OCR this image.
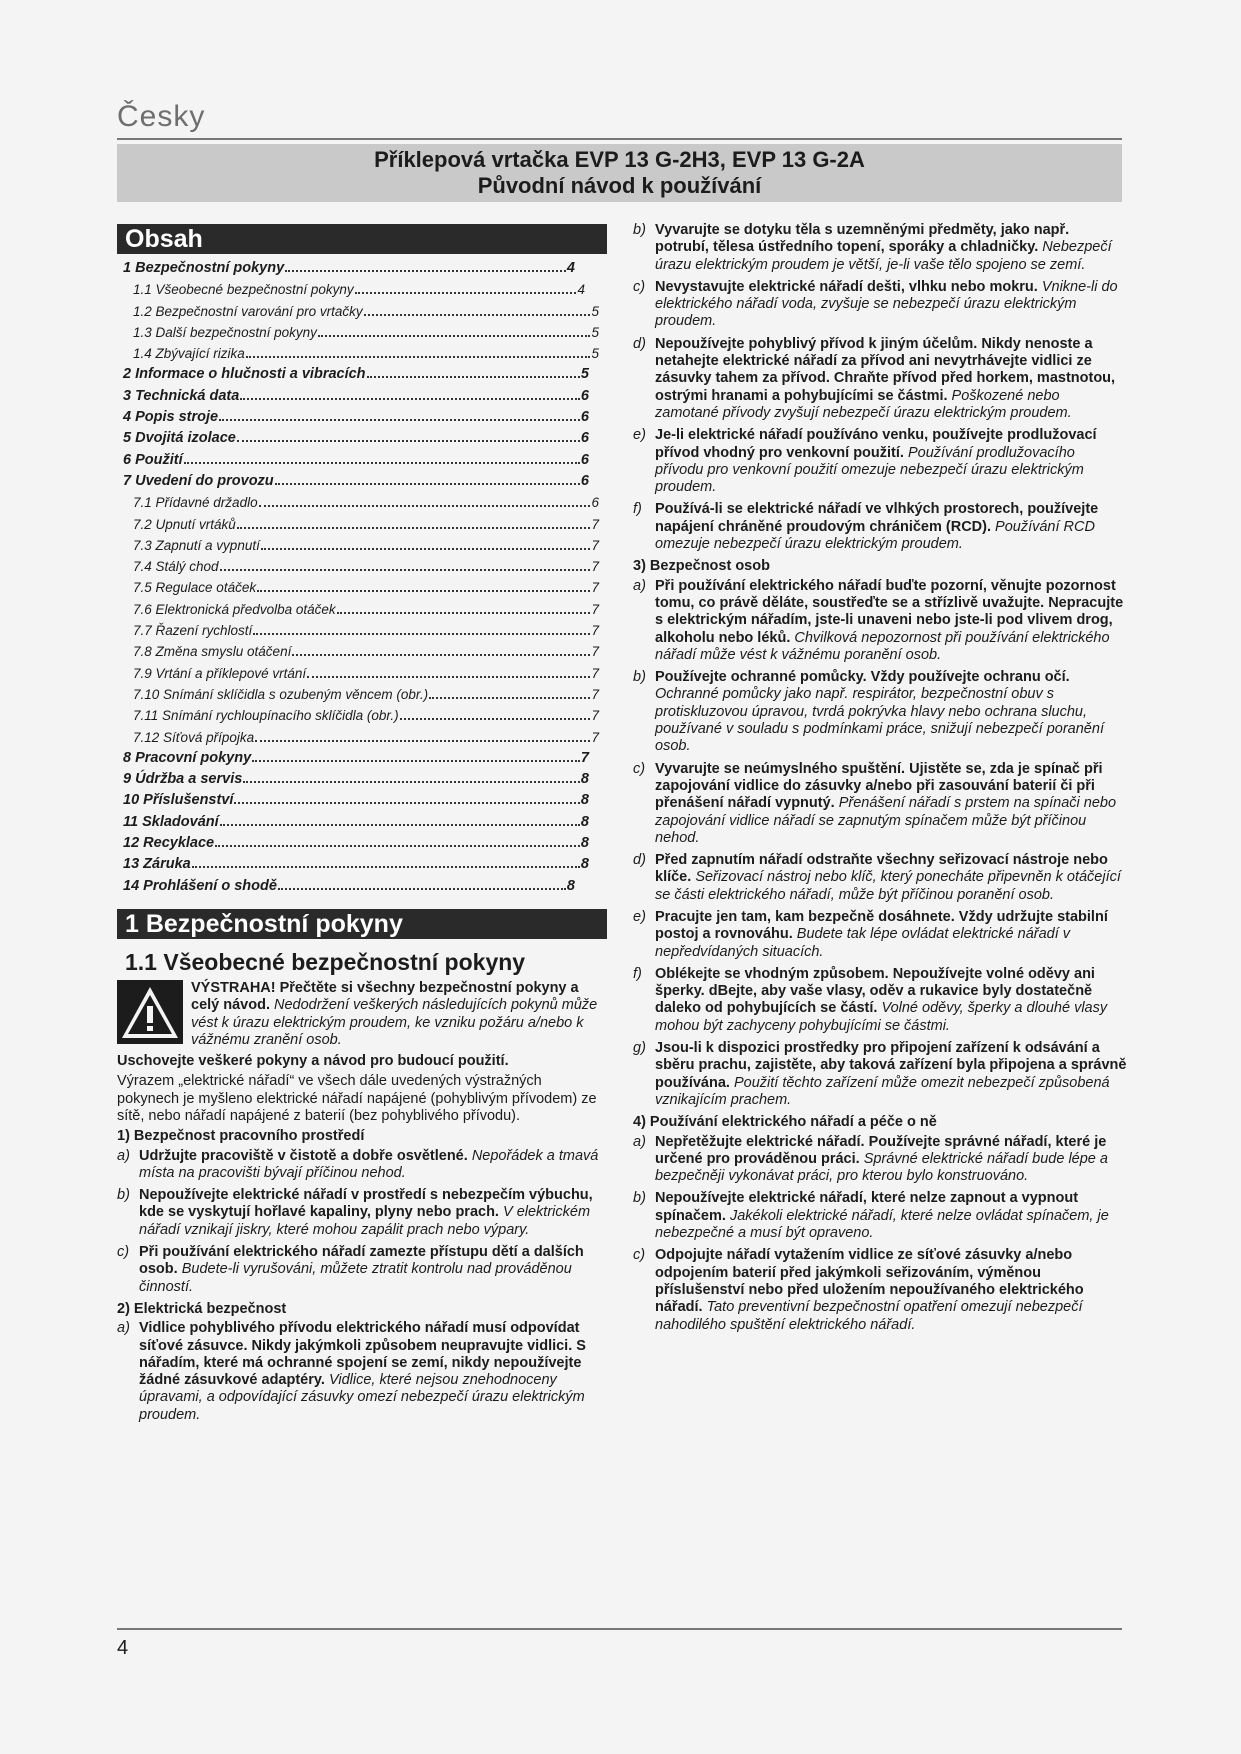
Česky
Příklepová vrtačka EVP 13 G-2H3, EVP 13 G-2A
Původní návod k používání
Obsah
1 Bezpečnostní pokyny	4
1.1 Všeobecné bezpečnostní pokyny	4
1.2 Bezpečnostní varování pro vrtačky	5
1.3 Další bezpečnostní pokyny	5
1.4 Zbývající rizika	5
2 Informace o hlučnosti a vibracích	5
3 Technická data	6
4 Popis stroje	6
5 Dvojitá izolace	6
6 Použití	6
7 Uvedení do provozu	6
7.1 Přídavné držadlo	6
7.2 Upnutí vrtáků	7
7.3 Zapnutí a vypnutí	7
7.4 Stálý chod	7
7.5 Regulace otáček	7
7.6 Elektronická předvolba otáček	7
7.7 Řazení rychlostí	7
7.8 Změna smyslu otáčení	7
7.9 Vrtání a příklepové vrtání	7
7.10 Snímání sklíčidla s ozubeným věncem (obr.)	7
7.11 Snímání rychloupínacího sklíčidla (obr.)	7
7.12 Síťová přípojka	7
8 Pracovní pokyny	7
9 Údržba a servis	8
10 Příslušenství	8
11 Skladování	8
12 Recyklace	8
13 Záruka	8
14 Prohlášení o shodě	8
1 Bezpečnostní pokyny
1.1 Všeobecné bezpečnostní pokyny
VÝSTRAHA! Přečtěte si všechny bezpečnostní pokyny a celý návod. Nedodržení veškerých následujících pokynů může vést k úrazu elektrickým proudem, ke vzniku požáru a/nebo k vážnému zranění osob.
Uschovejte veškeré pokyny a návod pro budoucí použití.
Výrazem „elektrické nářadí“ ve všech dále uvedených výstražných pokynech je myšleno elektrické nářadí napájené (pohyblivým přívodem) ze sítě, nebo nářadí napájené z baterií (bez pohyblivého přívodu).
1) Bezpečnost pracovního prostředí
a) Udržujte pracoviště v čistotě a dobře osvětlené. Nepořádek a tmavá místa na pracovišti bývají příčinou nehod.
b) Nepoužívejte elektrické nářadí v prostředí s nebezpečím výbuchu, kde se vyskytují hořlavé kapaliny, plyny nebo prach. V elektrickém nářadí vznikají jiskry, které mohou zapálit prach nebo výpary.
c) Při používání elektrického nářadí zamezte přístupu dětí a dalších osob. Budete-li vyrušováni, můžete ztratit kontrolu nad prováděnou činností.
2) Elektrická bezpečnost
a) Vidlice pohyblivého přívodu elektrického nářadí musí odpovídat síťové zásuvce. Nikdy jakýmkoli způsobem neupravujte vidlici. S nářadím, které má ochranné spojení se zemí, nikdy nepoužívejte žádné zásuvkové adaptéry. Vidlice, které nejsou znehodnoceny úpravami, a odpovídající zásuvky omezí nebezpečí úrazu elektrickým proudem.
b) Vyvarujte se dotyku těla s uzemněnými předměty, jako např. potrubí, tělesa ústředního topení, sporáky a chladničky. Nebezpečí úrazu elektrickým proudem je větší, je-li vaše tělo spojeno se zemí.
c) Nevystavujte elektrické nářadí dešti, vlhku nebo mokru. Vnikne-li do elektrického nářadí voda, zvyšuje se nebezpečí úrazu elektrickým proudem.
d) Nepoužívejte pohyblivý přívod k jiným účelům. Nikdy nenoste a netahejte elektrické nářadí za přívod ani nevytrhávejte vidlici ze zásuvky tahem za přívod. Chraňte přívod před horkem, mastnotou, ostrými hranami a pohybujícími se částmi. Poškozené nebo zamotané přívody zvyšují nebezpečí úrazu elektrickým proudem.
e) Je-li elektrické nářadí používáno venku, používejte prodlužovací přívod vhodný pro venkovní použití. Používání prodlužovacího přívodu pro venkovní použití omezuje nebezpečí úrazu elektrickým proudem.
f) Používá-li se elektrické nářadí ve vlhkých prostorech, používejte napájení chráněné proudovým chráničem (RCD). Používání RCD omezuje nebezpečí úrazu elektrickým proudem.
3) Bezpečnost osob
a) Při používání elektrického nářadí buďte pozorní, věnujte pozornost tomu, co právě děláte, soustřeďte se a střízlivě uvažujte. Nepracujte s elektrickým nářadím, jste-li unaveni nebo jste-li pod vlivem drog, alkoholu nebo léků. Chvilková nepozornost při používání elektrického nářadí může vést k vážnému poranění osob.
b) Používejte ochranné pomůcky. Vždy používejte ochranu očí. Ochranné pomůcky jako např. respirátor, bezpečnostní obuv s protiskluzovou úpravou, tvrdá pokrývka hlavy nebo ochrana sluchu, používané v souladu s podmínkami práce, snižují nebezpečí poranění osob.
c) Vyvarujte se neúmyslného spuštění. Ujistěte se, zda je spínač při zapojování vidlice do zásuvky a/nebo při zasouvání baterií či při přenášení nářadí vypnutý. Přenášení nářadí s prstem na spínači nebo zapojování vidlice nářadí se zapnutým spínačem může být příčinou nehod.
d) Před zapnutím nářadí odstraňte všechny seřizovací nástroje nebo klíče. Seřizovací nástroj nebo klíč, který ponecháte připevněn k otáčející se části elektrického nářadí, může být příčinou poranění osob.
e) Pracujte jen tam, kam bezpečně dosáhnete. Vždy udržujte stabilní postoj a rovnováhu. Budete tak lépe ovládat elektrické nářadí v nepředvídaných situacích.
f) Oblékejte se vhodným způsobem. Nepoužívejte volné oděvy ani šperky. dBejte, aby vaše vlasy, oděv a rukavice byly dostatečně daleko od pohybujících se částí. Volné oděvy, šperky a dlouhé vlasy mohou být zachyceny pohybujícími se částmi.
g) Jsou-li k dispozici prostředky pro připojení zařízení k odsávání a sběru prachu, zajistěte, aby taková zařízení byla připojena a správně používána. Použití těchto zařízení může omezit nebezpečí způsobená vznikajícím prachem.
4) Používání elektrického nářadí a péče o ně
a) Nepřetěžujte elektrické nářadí. Používejte správné nářadí, které je určené pro prováděnou práci. Správné elektrické nářadí bude lépe a bezpečněji vykonávat práci, pro kterou bylo konstruováno.
b) Nepoužívejte elektrické nářadí, které nelze zapnout a vypnout spínačem. Jakékoli elektrické nářadí, které nelze ovládat spínačem, je nebezpečné a musí být opraveno.
c) Odpojujte nářadí vytažením vidlice ze síťové zásuvky a/nebo odpojením baterií před jakýmkoli seřizováním, výměnou příslušenství nebo před uložením nepoužívaného elektrického nářadí. Tato preventivní bezpečnostní opatření omezují nebezpečí nahodilého spuštění elektrického nářadí.
4
